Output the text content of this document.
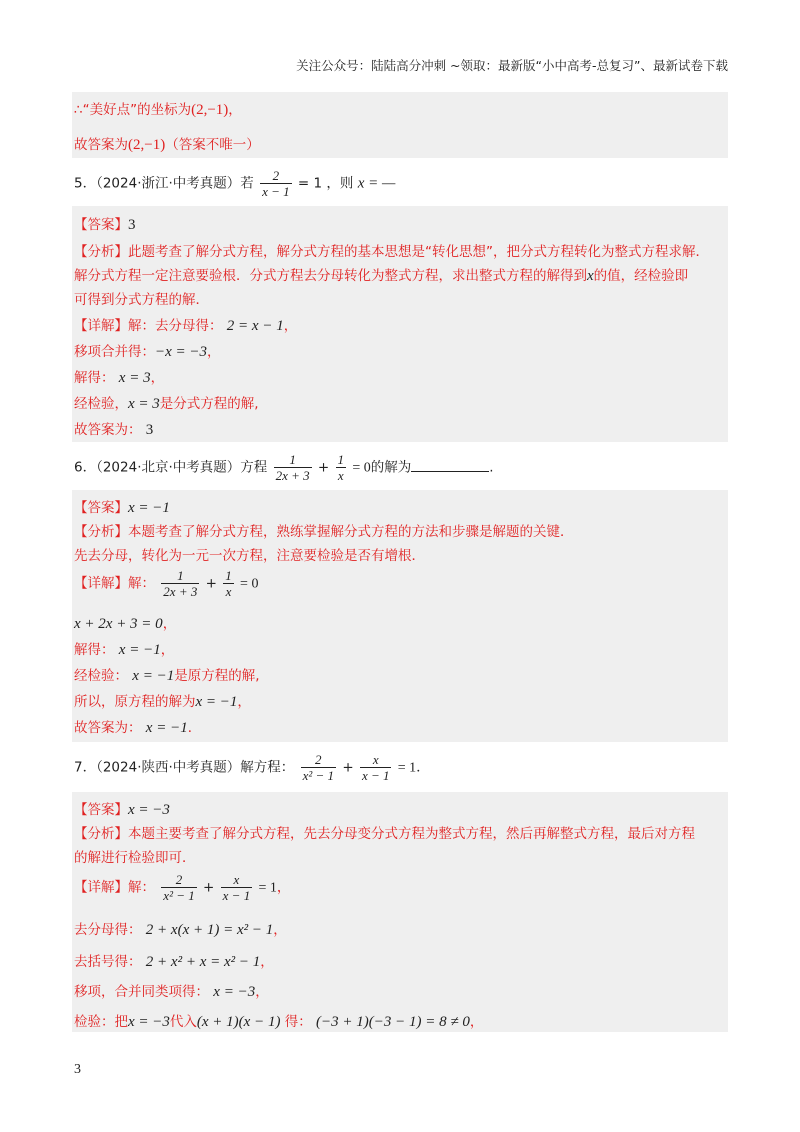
关注公众号：陆陆高分冲刺 ~领取：最新版“小中高考-总复习”、最新试卷下载
∴“美好点”的坐标为(2,−1)，
故答案为(2,−1)（答案不唯一）
5．（2024·浙江·中考真题）若 $\frac{2}{x - 1} = 1$ ，则 x = —
【答案】3
【分析】此题考查了解分式方程，解分式方程的基本思想是“转化思想”，把分式方程转化为整式方程求解．
解分式方程一定注意要验根．分式方程去分母转化为整式方程，求出整式方程的解得到x的值，经检验即
可得到分式方程的解．
【详解】解：去分母得： 2 = x − 1，
移项合并得：−x = −3，
解得： x = 3，
经检验，x = 3是分式方程的解,
故答案为： 3
6．（2024·北京·中考真题）方程 $\frac{1}{2x + 3} + \frac{1}{x} = 0$的解为	.
【答案】x = −1
【分析】本题考查了解分式方程，熟练掌握解分式方程的方法和步骤是解题的关键．
先去分母，转化为一元一次方程，注意要检验是否有增根．
【详解】解： $\frac{1}{2x + 3} + \frac{1}{x} = 0$
x + 2x + 3 = 0，
解得： x = −1，
经检验： x = −1是原方程的解,
所以，原方程的解为x = −1，
故答案为： x = −1．
7．（2024·陕西·中考真题）解方程： $\frac{2}{\text{x² − 1}} + \frac{x}{x - 1} = 1$．
【答案】x = −3
【分析】本题主要考查了解分式方程，先去分母变分式方程为整式方程，然后再解整式方程，最后对方程
的解进行检验即可．
【详解】解： $\frac{2}{\text{x² − 1}} + \frac{x}{x - 1} = 1$，
去分母得： 2 + x(x + 1) = x² − 1，
去括号得： 2 + x² + x = x² − 1，
移项，合并同类项得： x = −3，
检验：把x = −3代入(x + 1)(x − 1) 得： (−3 + 1)(−3 − 1) = 8 ≠ 0，
3
